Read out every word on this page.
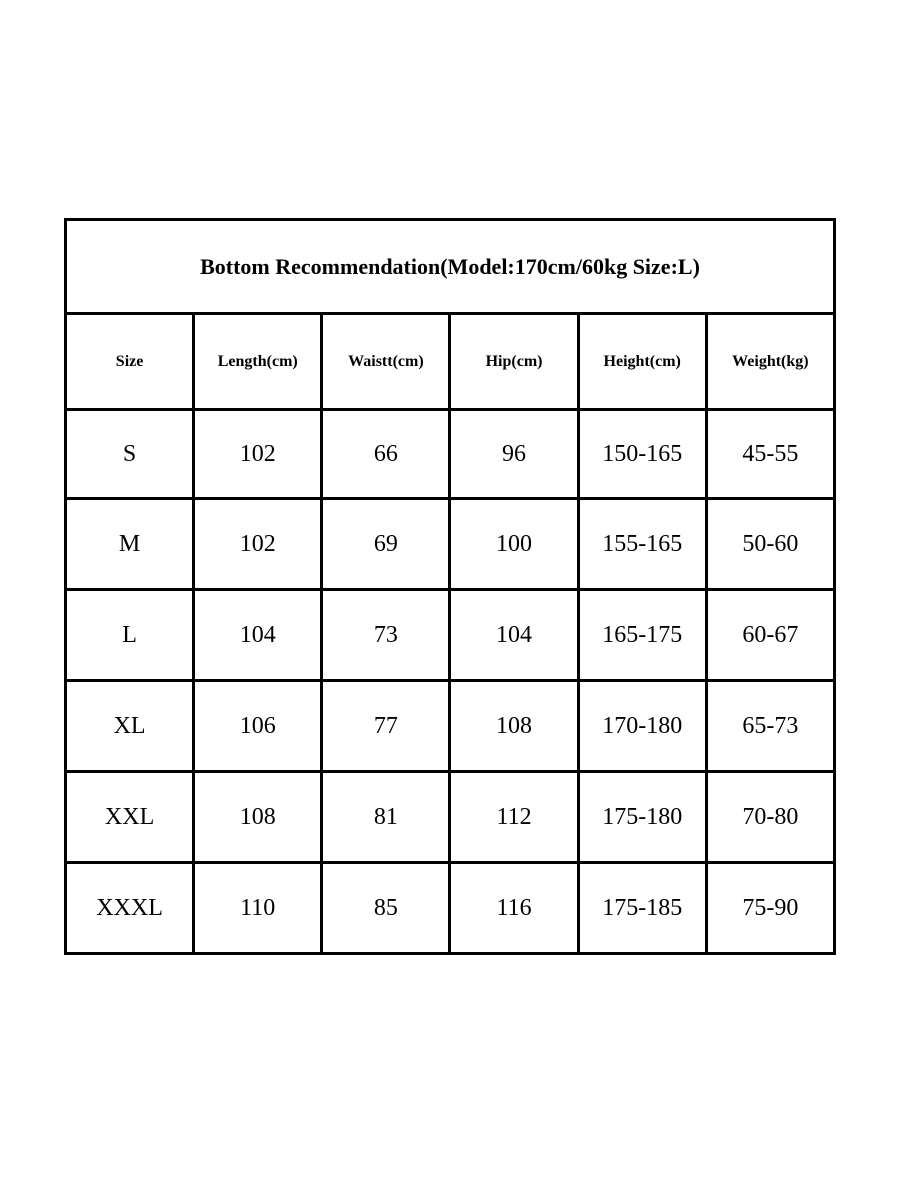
Bottom Recommendation(Model:170cm/60kg Size:L)					
Size	Length(cm)	Waistt(cm)	Hip(cm)	Height(cm)	Weight(kg)
S	102	66	96	150-165	45-55
M	102	69	100	155-165	50-60
L	104	73	104	165-175	60-67
XL	106	77	108	170-180	65-73
XXL	108	81	112	175-180	70-80
XXXL	110	85	116	175-185	75-90
